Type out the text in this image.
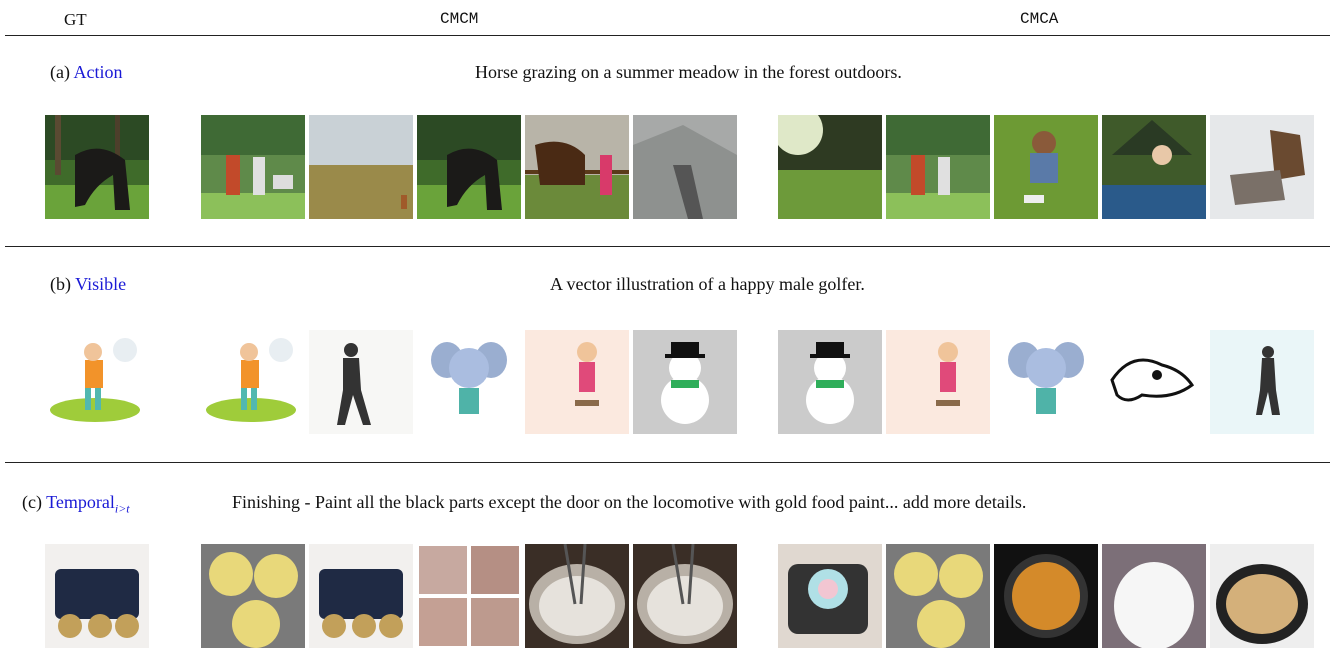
GT	CMCM	CMCA
(a) Action	Horse grazing on a summer meadow in the forest outdoors.
(b) Visible	A vector illustration of a happy male golfer.
(c) Temporal$_{i>t}$	Finishing - Paint all the black parts except the door on the locomotive with gold food paint... add more details.
